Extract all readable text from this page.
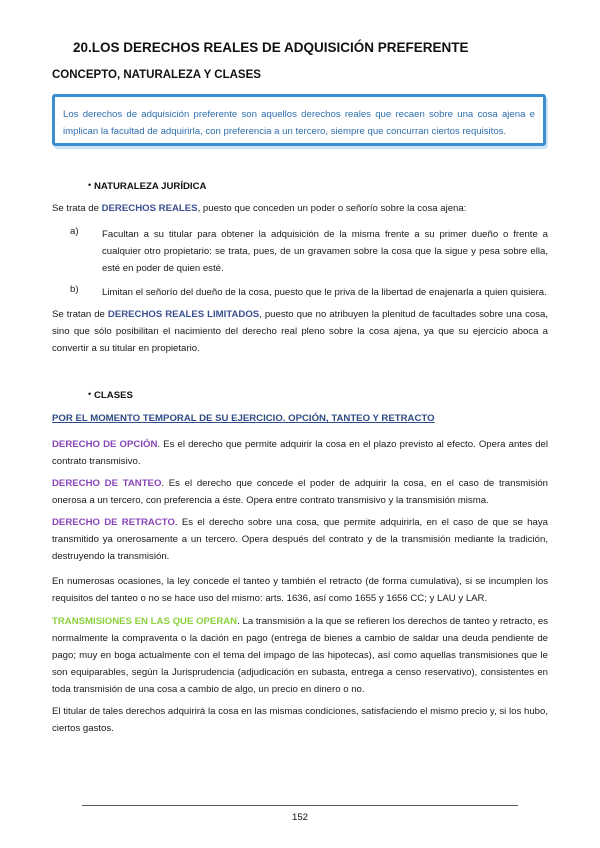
20.LOS DERECHOS REALES DE ADQUISICIÓN PREFERENTE
CONCEPTO, NATURALEZA Y CLASES

Los derechos de adquisición preferente son aquellos derechos reales que recaen sobre una cosa ajena e implican la facultad de adquirirla, con preferencia a un tercero, siempre que concurran ciertos requisitos.

• NATURALEZA JURÍDICA

Se trata de DERECHOS REALES, puesto que conceden un poder o señorío sobre la cosa ajena:

a) Facultan a su titular para obtener la adquisición de la misma frente a su primer dueño o frente a cualquier otro propietario: se trata, pues, de un gravamen sobre la cosa que la sigue y pesa sobre ella, esté en poder de quien esté.

b) Limitan el señorío del dueño de la cosa, puesto que le priva de la libertad de enajenarla a quien quisiera.

Se tratan de DERECHOS REALES LIMITADOS, puesto que no atribuyen la plenitud de facultades sobre una cosa, sino que sólo posibilitan el nacimiento del derecho real pleno sobre la cosa ajena, ya que su ejercicio aboca a convertir a su titular en propietario.

• CLASES
POR EL MOMENTO TEMPORAL DE SU EJERCICIO. OPCIÓN, TANTEO Y RETRACTO

DERECHO DE OPCIÓN. Es el derecho que permite adquirir la cosa en el plazo previsto al efecto. Opera antes del contrato transmisivo.

DERECHO DE TANTEO. Es el derecho que concede el poder de adquirir la cosa, en el caso de transmisión onerosa a un tercero, con preferencia a éste. Opera entre contrato transmisivo y la transmisión misma.

DERECHO DE RETRACTO. Es el derecho sobre una cosa, que permite adquirirla, en el caso de que se haya transmitido ya onerosamente a un tercero. Opera después del contrato y de la transmisión mediante la tradición, destruyendo la transmisión.

En numerosas ocasiones, la ley concede el tanteo y también el retracto (de forma cumulativa), si se incumplen los requisitos del tanteo o no se hace uso del mismo: arts. 1636, así como 1655 y 1656 CC; y LAU y LAR.

TRANSMISIONES EN LAS QUE OPERAN. La transmisión a la que se refieren los derechos de tanteo y retracto, es normalmente la compraventa o la dación en pago (entrega de bienes a cambio de saldar una deuda pendiente de pago; muy en boga actualmente con el tema del impago de las hipotecas), así como aquellas transmisiones que le son equiparables, según la Jurisprudencia (adjudicación en subasta, entrega a censo reservativo), consistentes en toda transmisión de una cosa a cambio de algo, un precio en dinero o no.

El titular de tales derechos adquirirá la cosa en las mismas condiciones, satisfaciendo el mismo precio y, si los hubo, ciertos gastos.

152
